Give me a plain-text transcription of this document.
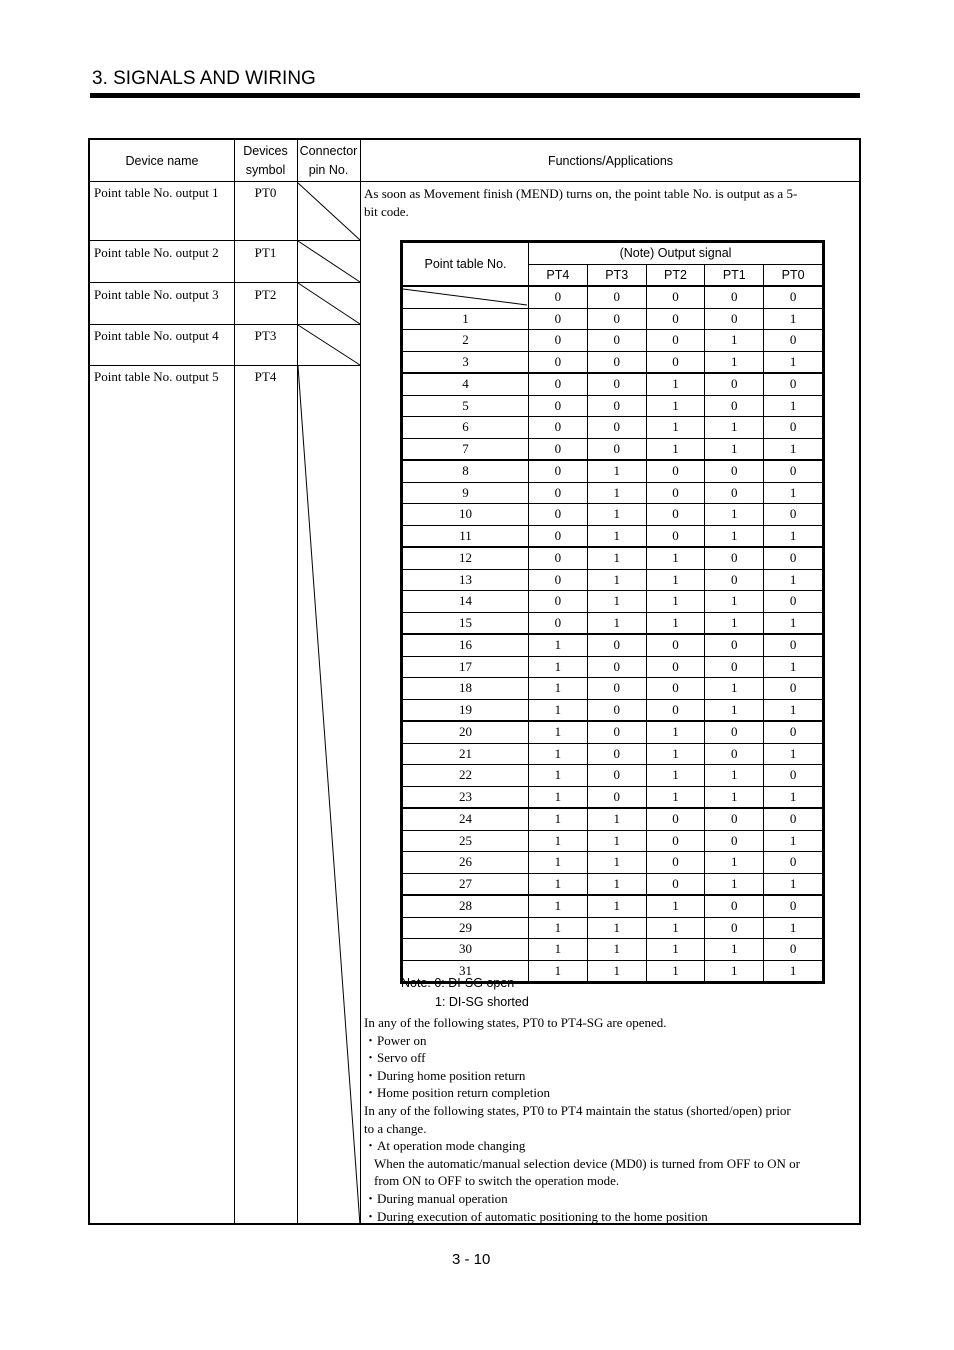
3. SIGNALS AND WIRING
Device name
Devices
symbol
Connector
pin No.
Functions/Applications
Point table No. output 1	PT0
Point table No. output 2	PT1
Point table No. output 3	PT2
Point table No. output 4	PT3
Point table No. output 5	PT4
As soon as Movement finish (MEND) turns on, the point table No. is output as a 5-
bit code.
Point table No.	(Note) Output signal				
	PT4	PT3	PT2	PT1	PT0

	0	0	0	0	0
1	0	0	0	0	1
2	0	0	0	1	0
3	0	0	0	1	1
4	0	0	1	0	0
5	0	0	1	0	1
6	0	0	1	1	0
7	0	0	1	1	1
8	0	1	0	0	0
9	0	1	0	0	1
10	0	1	0	1	0
11	0	1	0	1	1
12	0	1	1	0	0
13	0	1	1	0	1
14	0	1	1	1	0
15	0	1	1	1	1
16	1	0	0	0	0
17	1	0	0	0	1
18	1	0	0	1	0
19	1	0	0	1	1
20	1	0	1	0	0
21	1	0	1	0	1
22	1	0	1	1	0
23	1	0	1	1	1
24	1	1	0	0	0
25	1	1	0	0	1
26	1	1	0	1	0
27	1	1	0	1	1
28	1	1	1	0	0
29	1	1	1	0	1
30	1	1	1	1	0
31	1	1	1	1	1
Note. 0: DI-SG open
1: DI-SG shorted
In any of the following states, PT0 to PT4-SG are opened.
・Power on
・Servo off
・During home position return
・Home position return completion
In any of the following states, PT0 to PT4 maintain the status (shorted/open) prior
to a change.
・At operation mode changing
When the automatic/manual selection device (MD0) is turned from OFF to ON or
from ON to OFF to switch the operation mode.
・During manual operation
・During execution of automatic positioning to the home position
3 - 10
